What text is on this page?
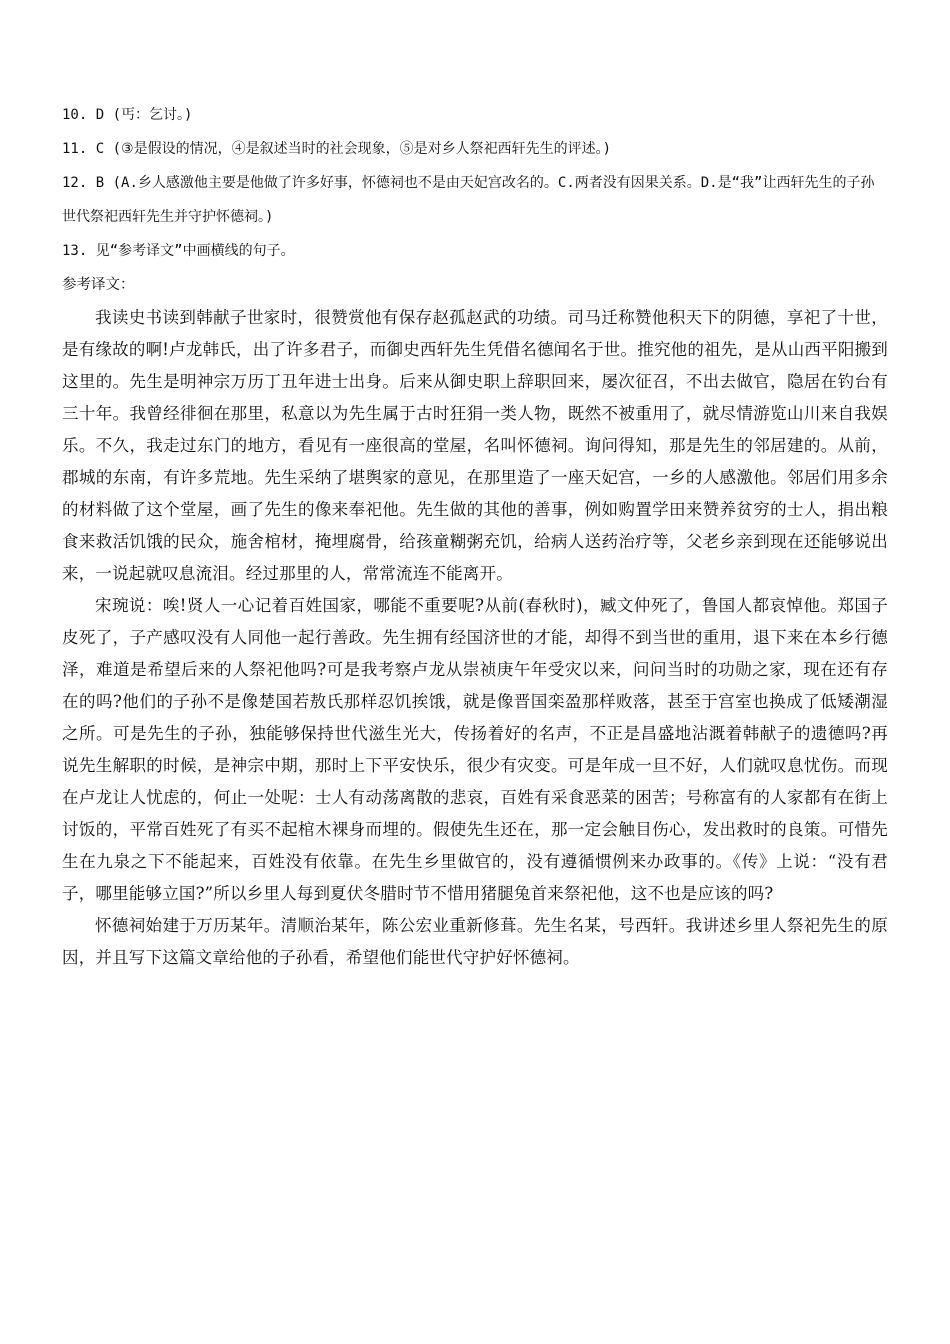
10. D (丐：乞讨。)
11. C (③是假设的情况，④是叙述当时的社会现象，⑤是对乡人祭祀西轩先生的评述。)
12. B (A.乡人感激他主要是他做了许多好事，怀德祠也不是由天妃宫改名的。C.两者没有因果关系。D.是“我”让西轩先生的子孙世代祭祀西轩先生并守护怀德祠。)
13. 见“参考译文”中画横线的句子。
参考译文：

我读史书读到韩献子世家时，很赞赏他有保存赵孤赵武的功绩。司马迁称赞他积天下的阴德，享祀了十世，是有缘故的啊!卢龙韩氏，出了许多君子，而御史西轩先生凭借名德闻名于世。推究他的祖先，是从山西平阳搬到这里的。先生是明神宗万历丁丑年进士出身。后来从御史职上辞职回来，屡次征召，不出去做官，隐居在钓台有三十年。我曾经徘徊在那里，私意以为先生属于古时狂狷一类人物，既然不被重用了，就尽情游览山川来自我娱乐。不久，我走过东门的地方，看见有一座很高的堂屋，名叫怀德祠。询问得知，那是先生的邻居建的。从前，郡城的东南，有许多荒地。先生采纳了堪舆家的意见，在那里造了一座天妃宫，一乡的人感激他。邻居们用多余的材料做了这个堂屋，画了先生的像来奉祀他。先生做的其他的善事，例如购置学田来赞养贫穷的士人，捐出粮食来救活饥饿的民众，施舍棺材，掩埋腐骨，给孩童糊粥充饥，给病人送药治疗等，父老乡亲到现在还能够说出来，一说起就叹息流泪。经过那里的人，常常流连不能离开。

宋琬说：唉!贤人一心记着百姓国家，哪能不重要呢?从前(春秋时)，臧文仲死了，鲁国人都哀悼他。郑国子皮死了，子产感叹没有人同他一起行善政。先生拥有经国济世的才能，却得不到当世的重用，退下来在本乡行德泽，难道是希望后来的人祭祀他吗?可是我考察卢龙从崇祯庚午年受灾以来，问问当时的功勋之家，现在还有存在的吗?他们的子孙不是像楚国若敖氏那样忍饥挨饿，就是像晋国栾盈那样败落，甚至于宫室也换成了低矮潮湿之所。可是先生的子孙，独能够保持世代滋生光大，传扬着好的名声，不正是昌盛地沾溉着韩献子的遗德吗?再说先生解职的时候，是神宗中期，那时上下平安快乐，很少有灾变。可是年成一旦不好，人们就叹息忧伤。而现在卢龙让人忧虑的，何止一处呢：士人有动荡离散的悲哀，百姓有采食恶菜的困苦；号称富有的人家都有在街上讨饭的，平常百姓死了有买不起棺木裸身而埋的。假使先生还在，那一定会触目伤心，发出救时的良策。可惜先生在九泉之下不能起来，百姓没有依靠。在先生乡里做官的，没有遵循惯例来办政事的。《传》上说：“没有君子，哪里能够立国?”所以乡里人每到夏伏冬腊时节不惜用猪腿兔首来祭祀他，这不也是应该的吗?

怀德祠始建于万历某年。清顺治某年，陈公宏业重新修葺。先生名某，号西轩。我讲述乡里人祭祀先生的原因，并且写下这篇文章给他的子孙看，希望他们能世代守护好怀德祠。
